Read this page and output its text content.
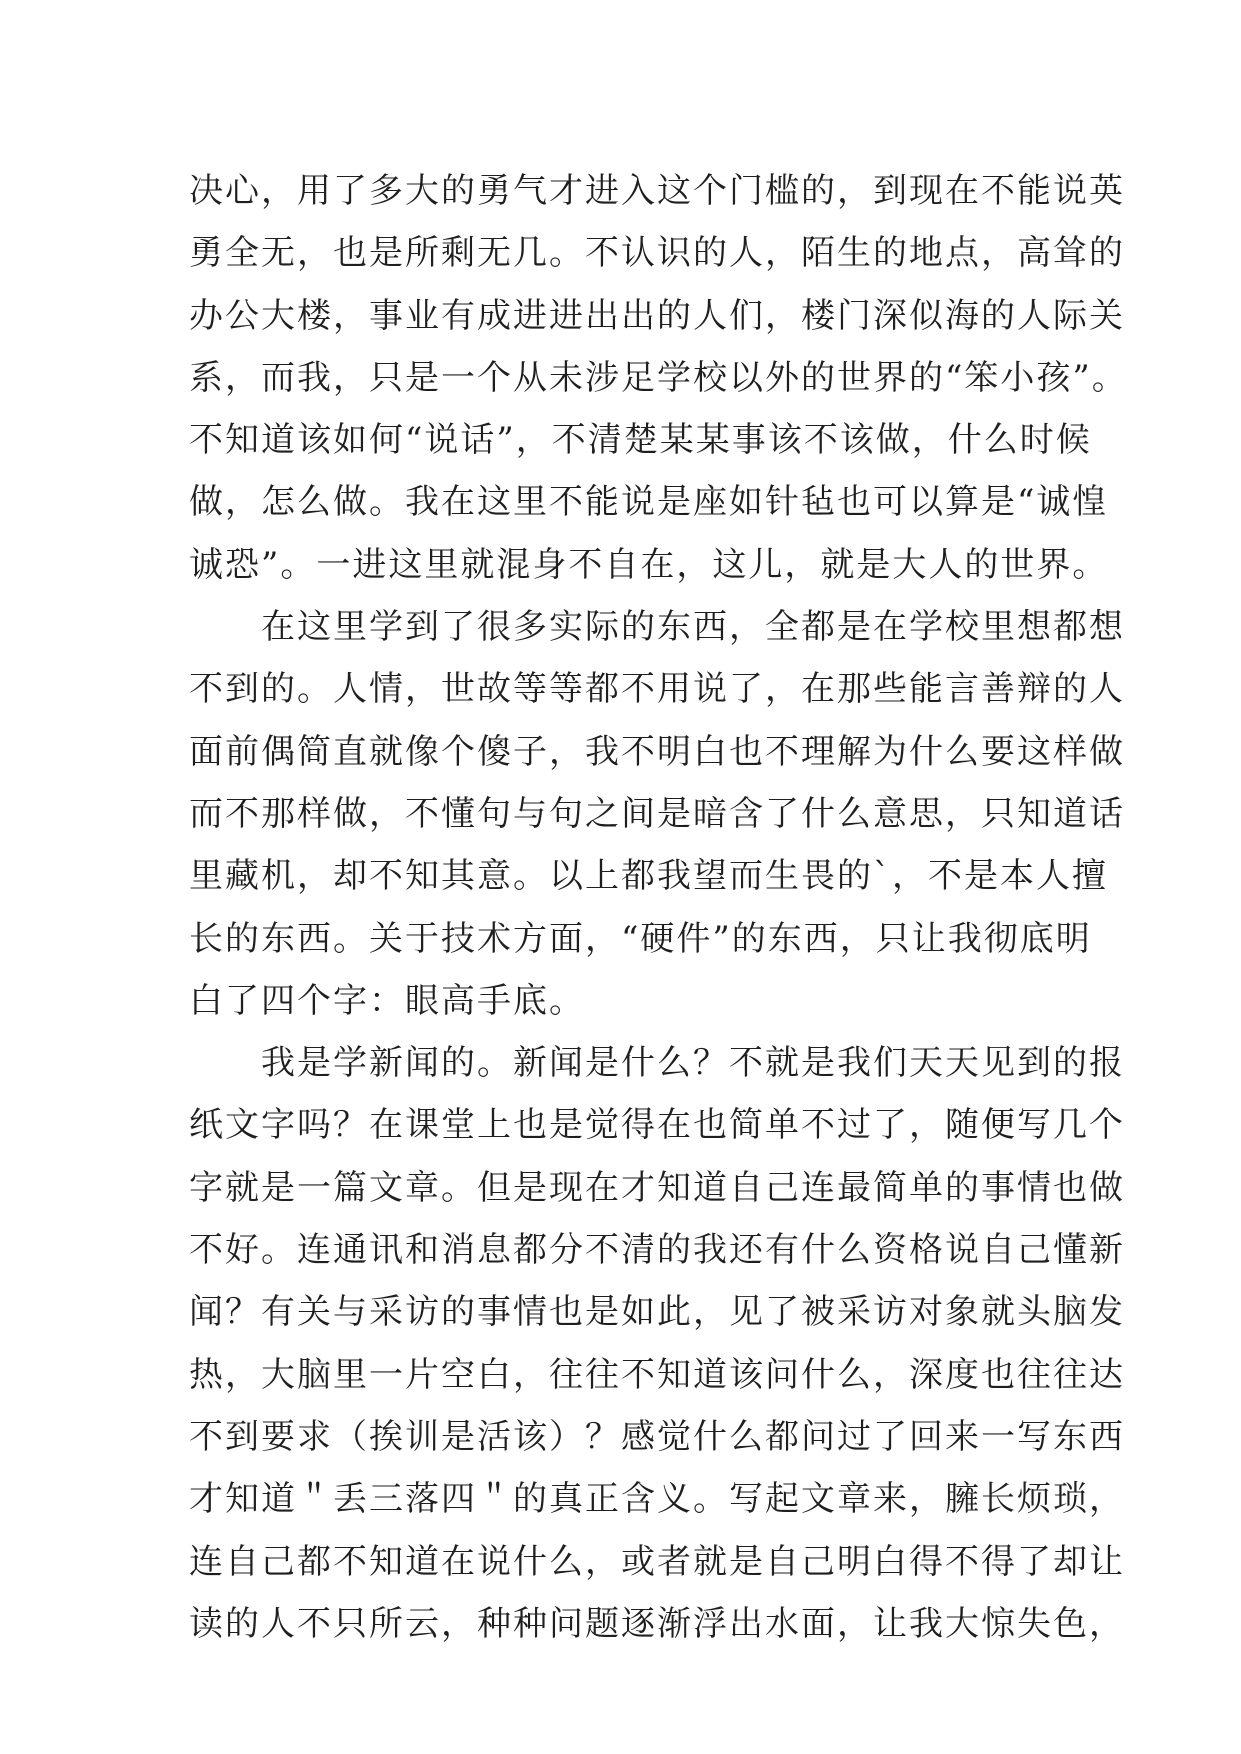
决心，用了多大的勇气才进入这个门槛的，到现在不能说英
勇全无，也是所剩无几。不认识的人，陌生的地点，高耸的
办公大楼，事业有成进进出出的人们，楼门深似海的人际关
系，而我，只是一个从未涉足学校以外的世界的“笨小孩”。
不知道该如何“说话”，不清楚某某事该不该做，什么时候
做，怎么做。我在这里不能说是座如针毡也可以算是“诚惶
诚恐”。一进这里就混身不自在，这儿，就是大人的世界。
　　在这里学到了很多实际的东西，全都是在学校里想都想
不到的。人情，世故等等都不用说了，在那些能言善辩的人
面前偶简直就像个傻子，我不明白也不理解为什么要这样做
而不那样做，不懂句与句之间是暗含了什么意思，只知道话
里藏机，却不知其意。以上都我望而生畏的`，不是本人擅
长的东西。关于技术方面，“硬件”的东西，只让我彻底明
白了四个字：眼高手底。
　　我是学新闻的。新闻是什么？不就是我们天天见到的报
纸文字吗？在课堂上也是觉得在也简单不过了，随便写几个
字就是一篇文章。但是现在才知道自己连最简单的事情也做
不好。连通讯和消息都分不清的我还有什么资格说自己懂新
闻？有关与采访的事情也是如此，见了被采访对象就头脑发
热，大脑里一片空白，往往不知道该问什么，深度也往往达
不到要求（挨训是活该）？感觉什么都问过了回来一写东西
才知道＂丢三落四＂的真正含义。写起文章来，臃长烦琐，
连自己都不知道在说什么，或者就是自己明白得不得了却让
读的人不只所云，种种问题逐渐浮出水面，让我大惊失色，
